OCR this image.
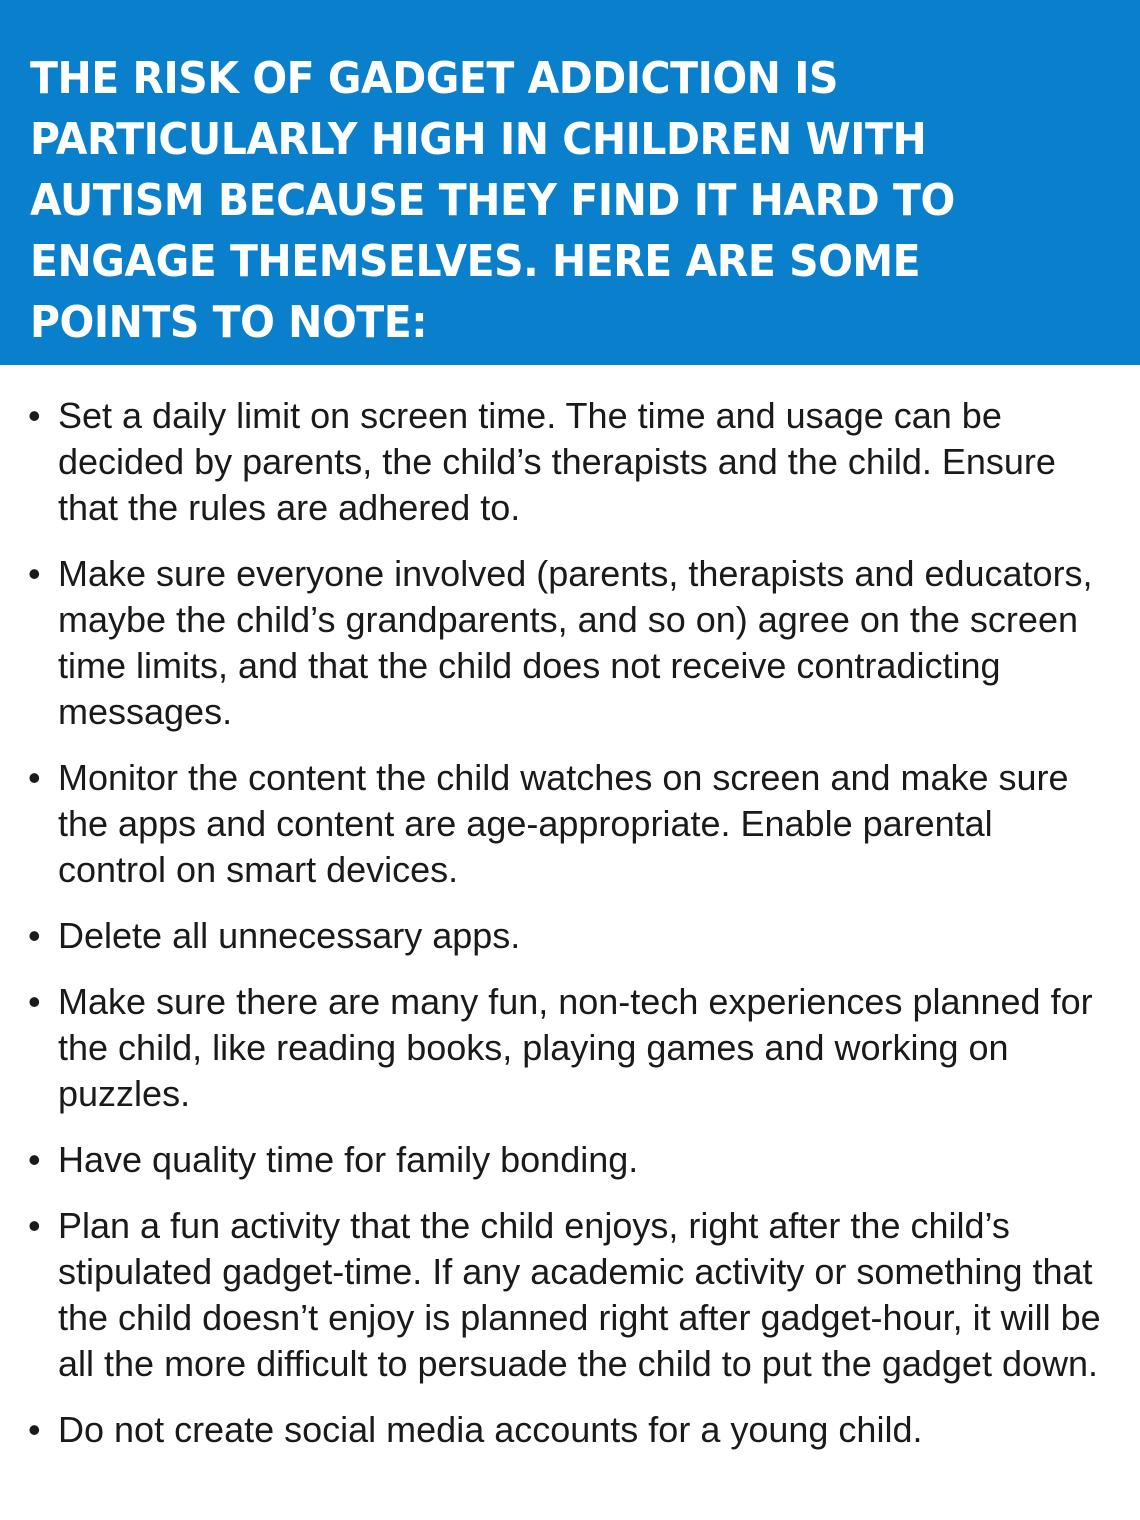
THE RISK OF GADGET ADDICTION IS PARTICULARLY HIGH IN CHILDREN WITH AUTISM BECAUSE THEY FIND IT HARD TO ENGAGE THEMSELVES. HERE ARE SOME POINTS TO NOTE:
• Set a daily limit on screen time. The time and usage can be decided by parents, the child’s therapists and the child. Ensure that the rules are adhered to.
• Make sure everyone involved (parents, therapists and educators, maybe the child’s grandparents, and so on) agree on the screen time limits, and that the child does not receive contradicting messages.
• Monitor the content the child watches on screen and make sure the apps and content are age-appropriate. Enable parental control on smart devices.
• Delete all unnecessary apps.
• Make sure there are many fun, non-tech experiences planned for the child, like reading books, playing games and working on puzzles.
• Have quality time for family bonding.
• Plan a fun activity that the child enjoys, right after the child’s stipulated gadget-time. If any academic activity or something that the child doesn’t enjoy is planned right after gadget-hour, it will be all the more difficult to persuade the child to put the gadget down.
• Do not create social media accounts for a young child.
